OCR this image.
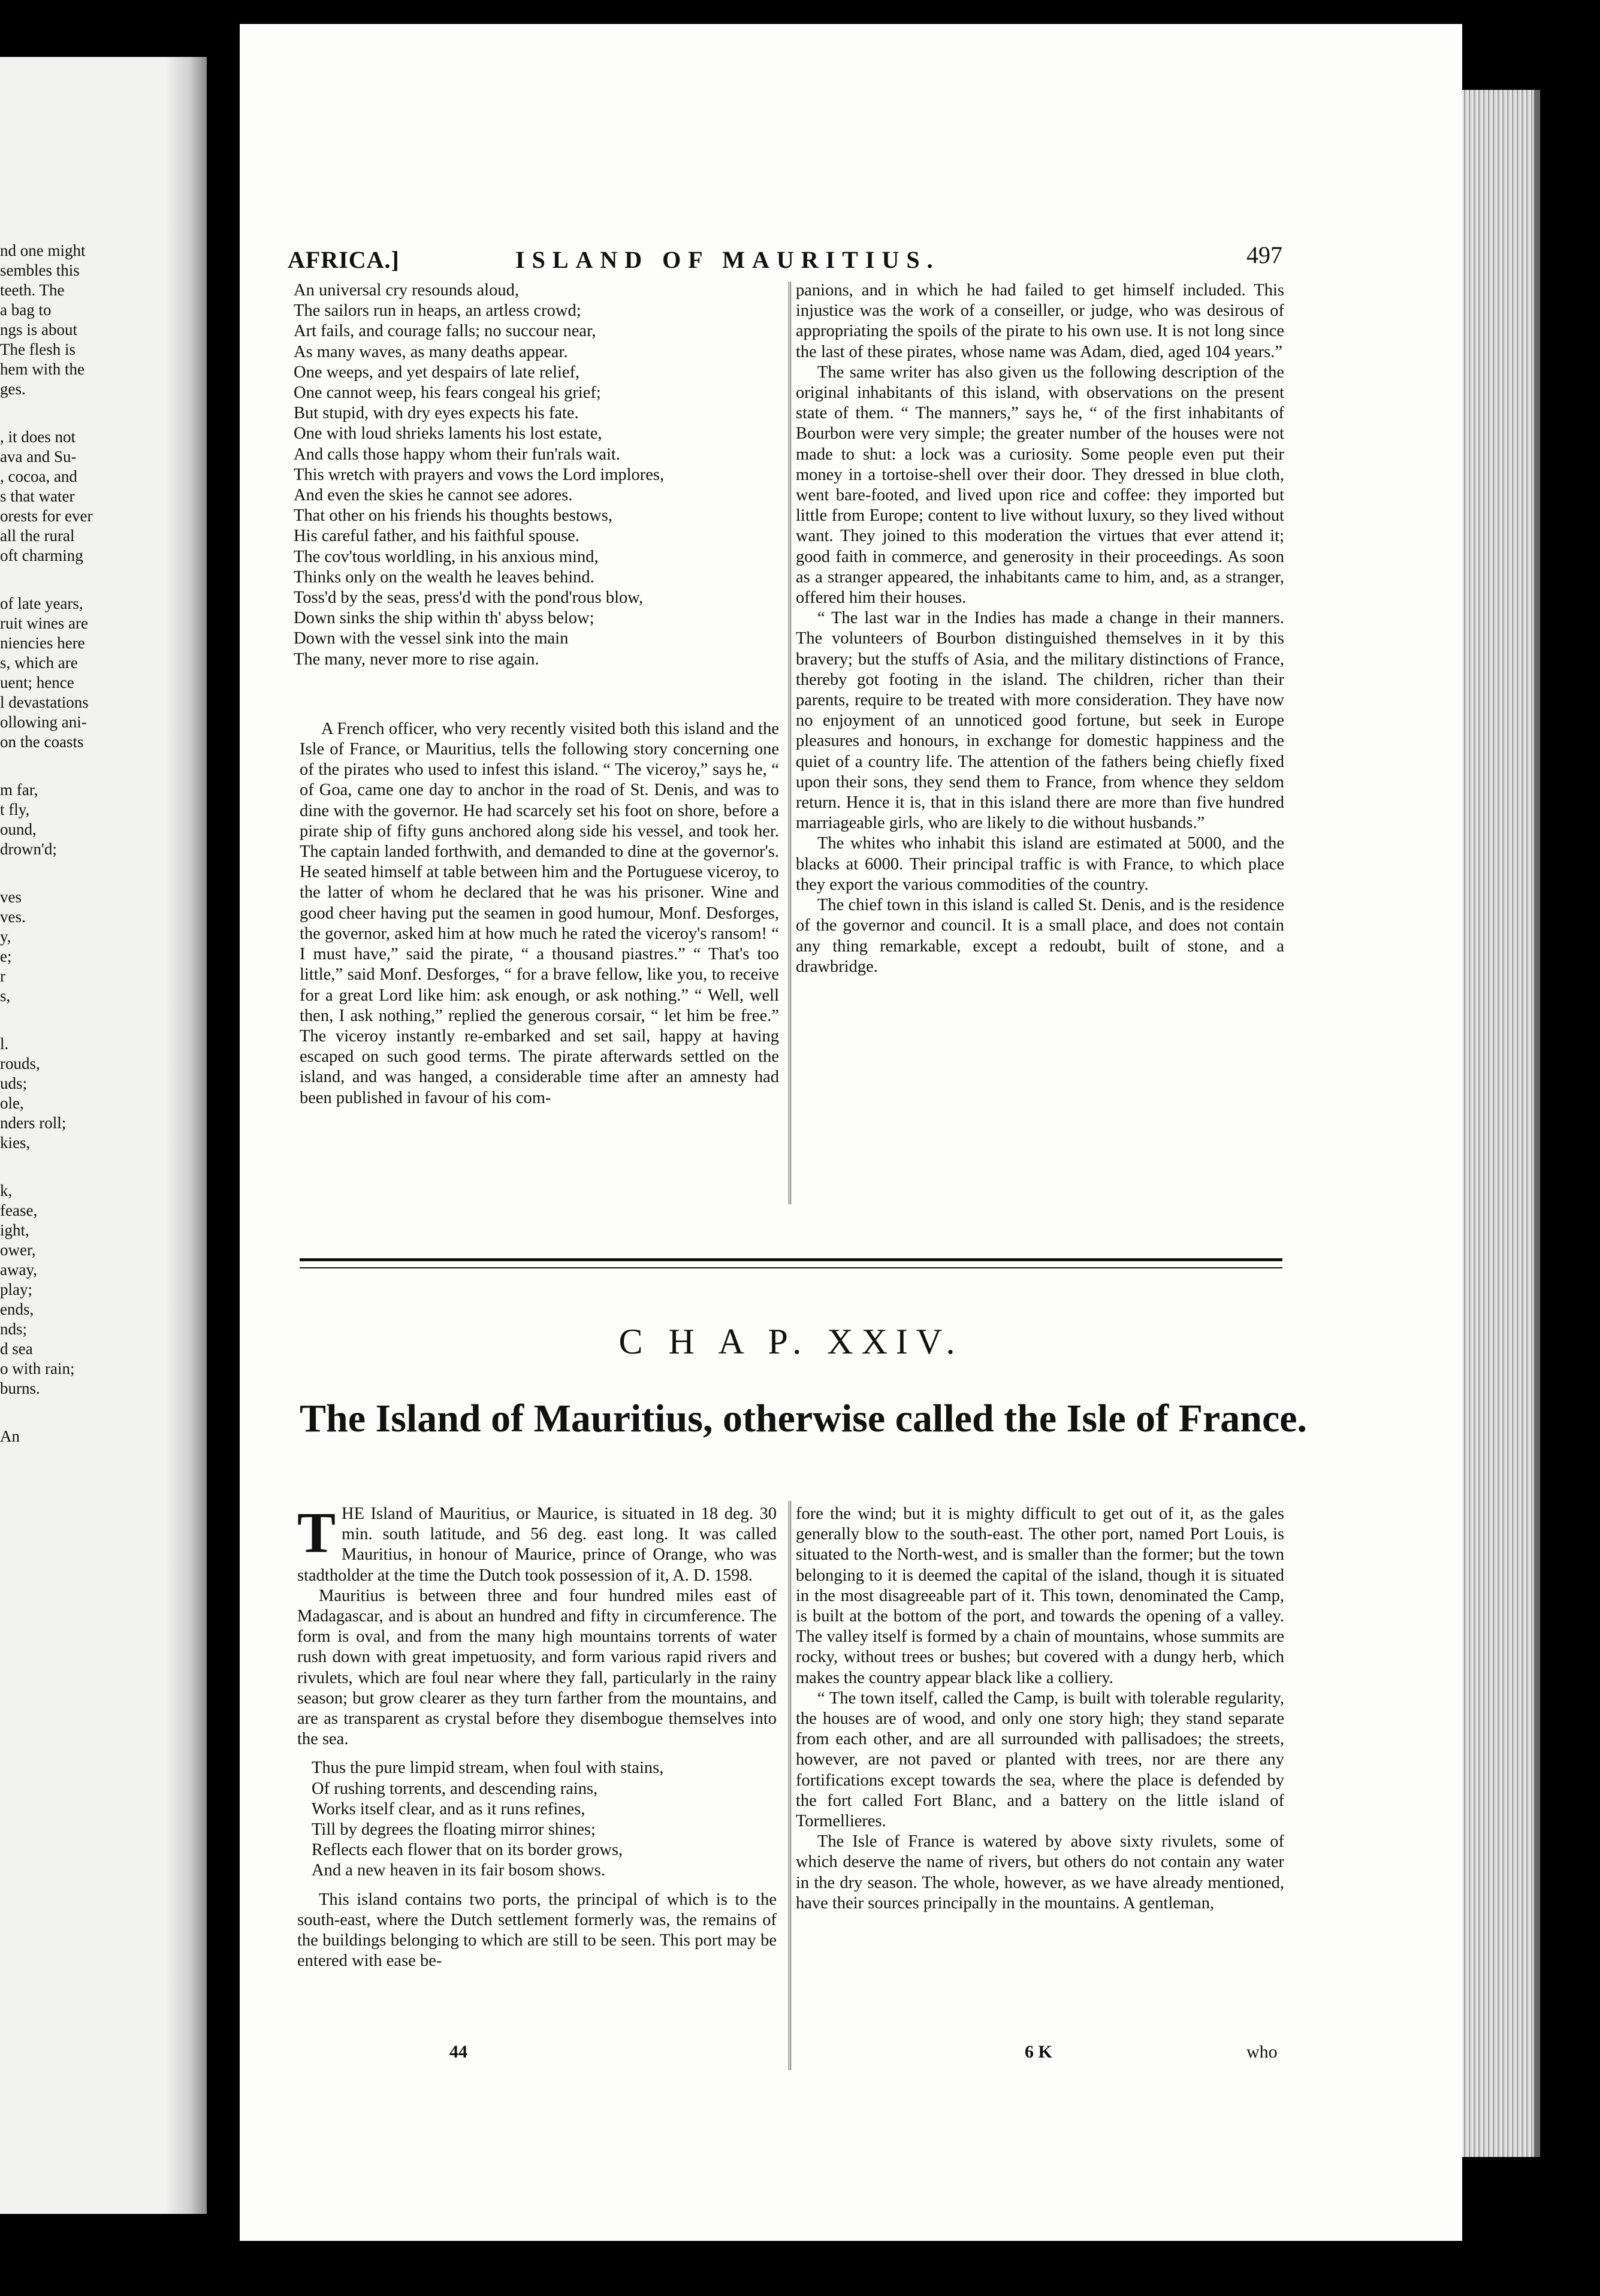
nd one might
sembles this
teeth. The
a bag to
ngs is about
The flesh is
hem with the
ges.
, it does not
ava and Su-
, cocoa, and
s that water
orests for ever
all the rural
oft charming
of late years,
ruit wines are
niencies here
s, which are
uent; hence
l devastations
ollowing ani-
on the coasts
m far,
t fly,
ound,
drown'd;
ves
ves.
y,
e;
r
s,
l.
rouds,
uds;
ole,
nders roll;
kies,
k,
fease,
ight,
ower,
away,
play;
ends,
nds;
d sea
o with rain;
burns.
An
AFRICA.]	ISLAND OF MAURITIUS.	497
An universal cry resounds aloud,
The sailors run in heaps, an artless crowd;
Art fails, and courage falls; no succour near,
As many waves, as many deaths appear.
One weeps, and yet despairs of late relief,
One cannot weep, his fears congeal his grief;
But stupid, with dry eyes expects his fate.
One with loud shrieks laments his lost estate,
And calls those happy whom their fun'rals wait.
This wretch with prayers and vows the Lord implores,
And even the skies he cannot see adores.
That other on his friends his thoughts bestows,
His careful father, and his faithful spouse.
The cov'tous worldling, in his anxious mind,
Thinks only on the wealth he leaves behind.
Toss'd by the seas, press'd with the pond'rous blow,
Down sinks the ship within th' abyss below;
Down with the vessel sink into the main
The many, never more to rise again.

A French officer, who very recently visited both this island and the Isle of France, or Mauritius, tells the following story concerning one of the pirates who used to infest this island. “ The viceroy,” says he, “ of Goa, came one day to anchor in the road of St. Denis, and was to dine with the governor. He had scarcely set his foot on shore, before a pirate ship of fifty guns anchored along side his vessel, and took her. The captain landed forthwith, and demanded to dine at the governor's. He seated himself at table between him and the Portuguese viceroy, to the latter of whom he declared that he was his prisoner. Wine and good cheer having put the seamen in good humour, Monf. Desforges, the governor, asked him at how much he rated the viceroy's ransom! “ I must have,” said the pirate, “ a thousand piastres.” “ That's too little,” said Monf. Desforges, “ for a brave fellow, like you, to receive for a great Lord like him: ask enough, or ask nothing.” “ Well, well then, I ask nothing,” replied the generous corsair, “ let him be free.” The viceroy instantly re-embarked and set sail, happy at having escaped on such good terms. The pirate afterwards settled on the island, and was hanged, a considerable time after an amnesty had been published in favour of his com-

panions, and in which he had failed to get himself included. This injustice was the work of a conseiller, or judge, who was desirous of appropriating the spoils of the pirate to his own use. It is not long since the last of these pirates, whose name was Adam, died, aged 104 years.”

The same writer has also given us the following description of the original inhabitants of this island, with observations on the present state of them. “ The manners,” says he, “ of the first inhabitants of Bourbon were very simple; the greater number of the houses were not made to shut: a lock was a curiosity. Some people even put their money in a tortoise-shell over their door. They dressed in blue cloth, went bare-footed, and lived upon rice and coffee: they imported but little from Europe; content to live without luxury, so they lived without want. They joined to this moderation the virtues that ever attend it; good faith in commerce, and generosity in their proceedings. As soon as a stranger appeared, the inhabitants came to him, and, as a stranger, offered him their houses.

“ The last war in the Indies has made a change in their manners. The volunteers of Bourbon distinguished themselves in it by this bravery; but the stuffs of Asia, and the military distinctions of France, thereby got footing in the island. The children, richer than their parents, require to be treated with more consideration. They have now no enjoyment of an unnoticed good fortune, but seek in Europe pleasures and honours, in exchange for domestic happiness and the quiet of a country life. The attention of the fathers being chiefly fixed upon their sons, they send them to France, from whence they seldom return. Hence it is, that in this island there are more than five hundred marriageable girls, who are likely to die without husbands.”

The whites who inhabit this island are estimated at 5000, and the blacks at 6000. Their principal traffic is with France, to which place they export the various commodities of the country.

The chief town in this island is called St. Denis, and is the residence of the governor and council. It is a small place, and does not contain any thing remarkable, except a redoubt, built of stone, and a drawbridge.

C H A P. XXIV.
The Island of Mauritius, otherwise called the Isle of France.

THE Island of Mauritius, or Maurice, is situated in 18 deg. 30 min. south latitude, and 56 deg. east long. It was called Mauritius, in honour of Maurice, prince of Orange, who was stadtholder at the time the Dutch took possession of it, A. D. 1598.

Mauritius is between three and four hundred miles east of Madagascar, and is about an hundred and fifty in circumference. The form is oval, and from the many high mountains torrents of water rush down with great impetuosity, and form various rapid rivers and rivulets, which are foul near where they fall, particularly in the rainy season; but grow clearer as they turn farther from the mountains, and are as transparent as crystal before they disembogue themselves into the sea.

Thus the pure limpid stream, when foul with stains,
Of rushing torrents, and descending rains,
Works itself clear, and as it runs refines,
Till by degrees the floating mirror shines;
Reflects each flower that on its border grows,
And a new heaven in its fair bosom shows.

This island contains two ports, the principal of which is to the south-east, where the Dutch settlement formerly was, the remains of the buildings belonging to which are still to be seen. This port may be entered with ease be-

44

fore the wind; but it is mighty difficult to get out of it, as the gales generally blow to the south-east. The other port, named Port Louis, is situated to the North-west, and is smaller than the former; but the town belonging to it is deemed the capital of the island, though it is situated in the most disagreeable part of it. This town, denominated the Camp, is built at the bottom of the port, and towards the opening of a valley. The valley itself is formed by a chain of mountains, whose summits are rocky, without trees or bushes; but covered with a dungy herb, which makes the country appear black like a colliery.

“ The town itself, called the Camp, is built with tolerable regularity, the houses are of wood, and only one story high; they stand separate from each other, and are all surrounded with pallisadoes; the streets, however, are not paved or planted with trees, nor are there any fortifications except towards the sea, where the place is defended by the fort called Fort Blanc, and a battery on the little island of Tormellieres.

The Isle of France is watered by above sixty rivulets, some of which deserve the name of rivers, but others do not contain any water in the dry season. The whole, however, as we have already mentioned, have their sources principally in the mountains. A gentleman,

6 K	who
